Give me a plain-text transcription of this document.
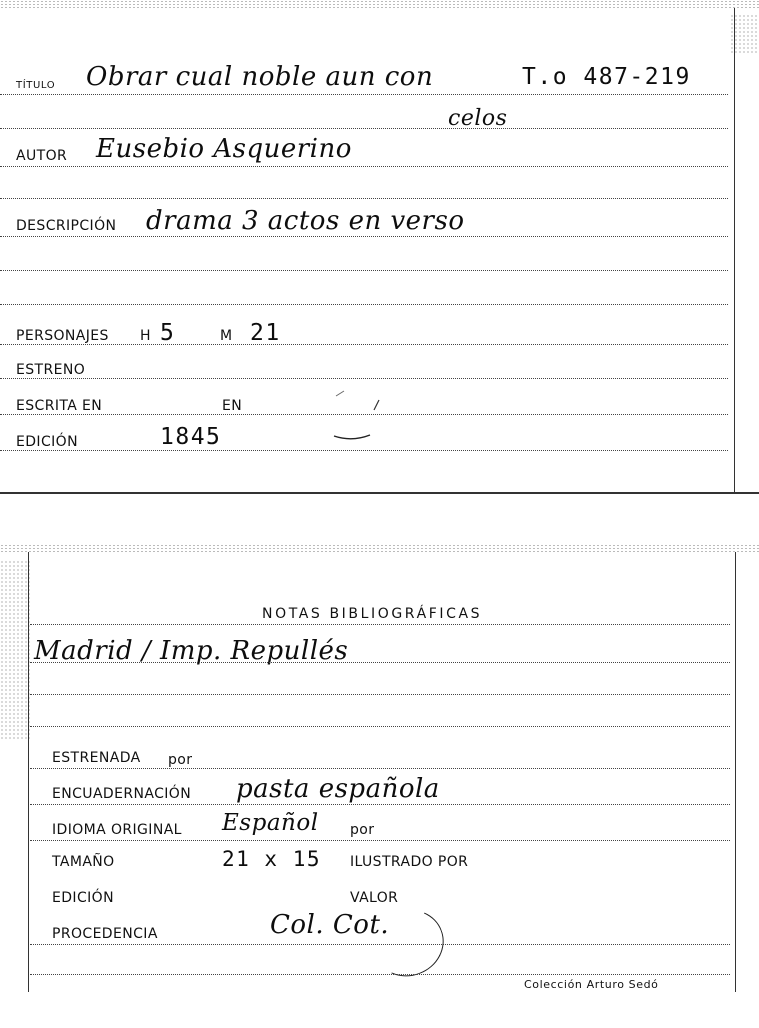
TÍTULO Obrar cual noble aun con	T.o 487-219
celos
AUTOR Eusebio Asquerino
DESCRIPCIÓN drama 3 actos en verso
PERSONAJES H 5	M 21
ESTRENO
ESCRITA EN	EN
EDICIÓN	1845
NOTAS BIBLIOGRÁFICAS
Madrid / Imp. Repullés
ESTRENADA por
ENCUADERNACIÓN pasta española
IDIOMA ORIGINAL Español por
TAMAÑO	21 x 15 ILUSTRADO POR
EDICIÓN	VALOR
PROCEDENCIA	Col. Cot.
Colección Arturo Sedó
